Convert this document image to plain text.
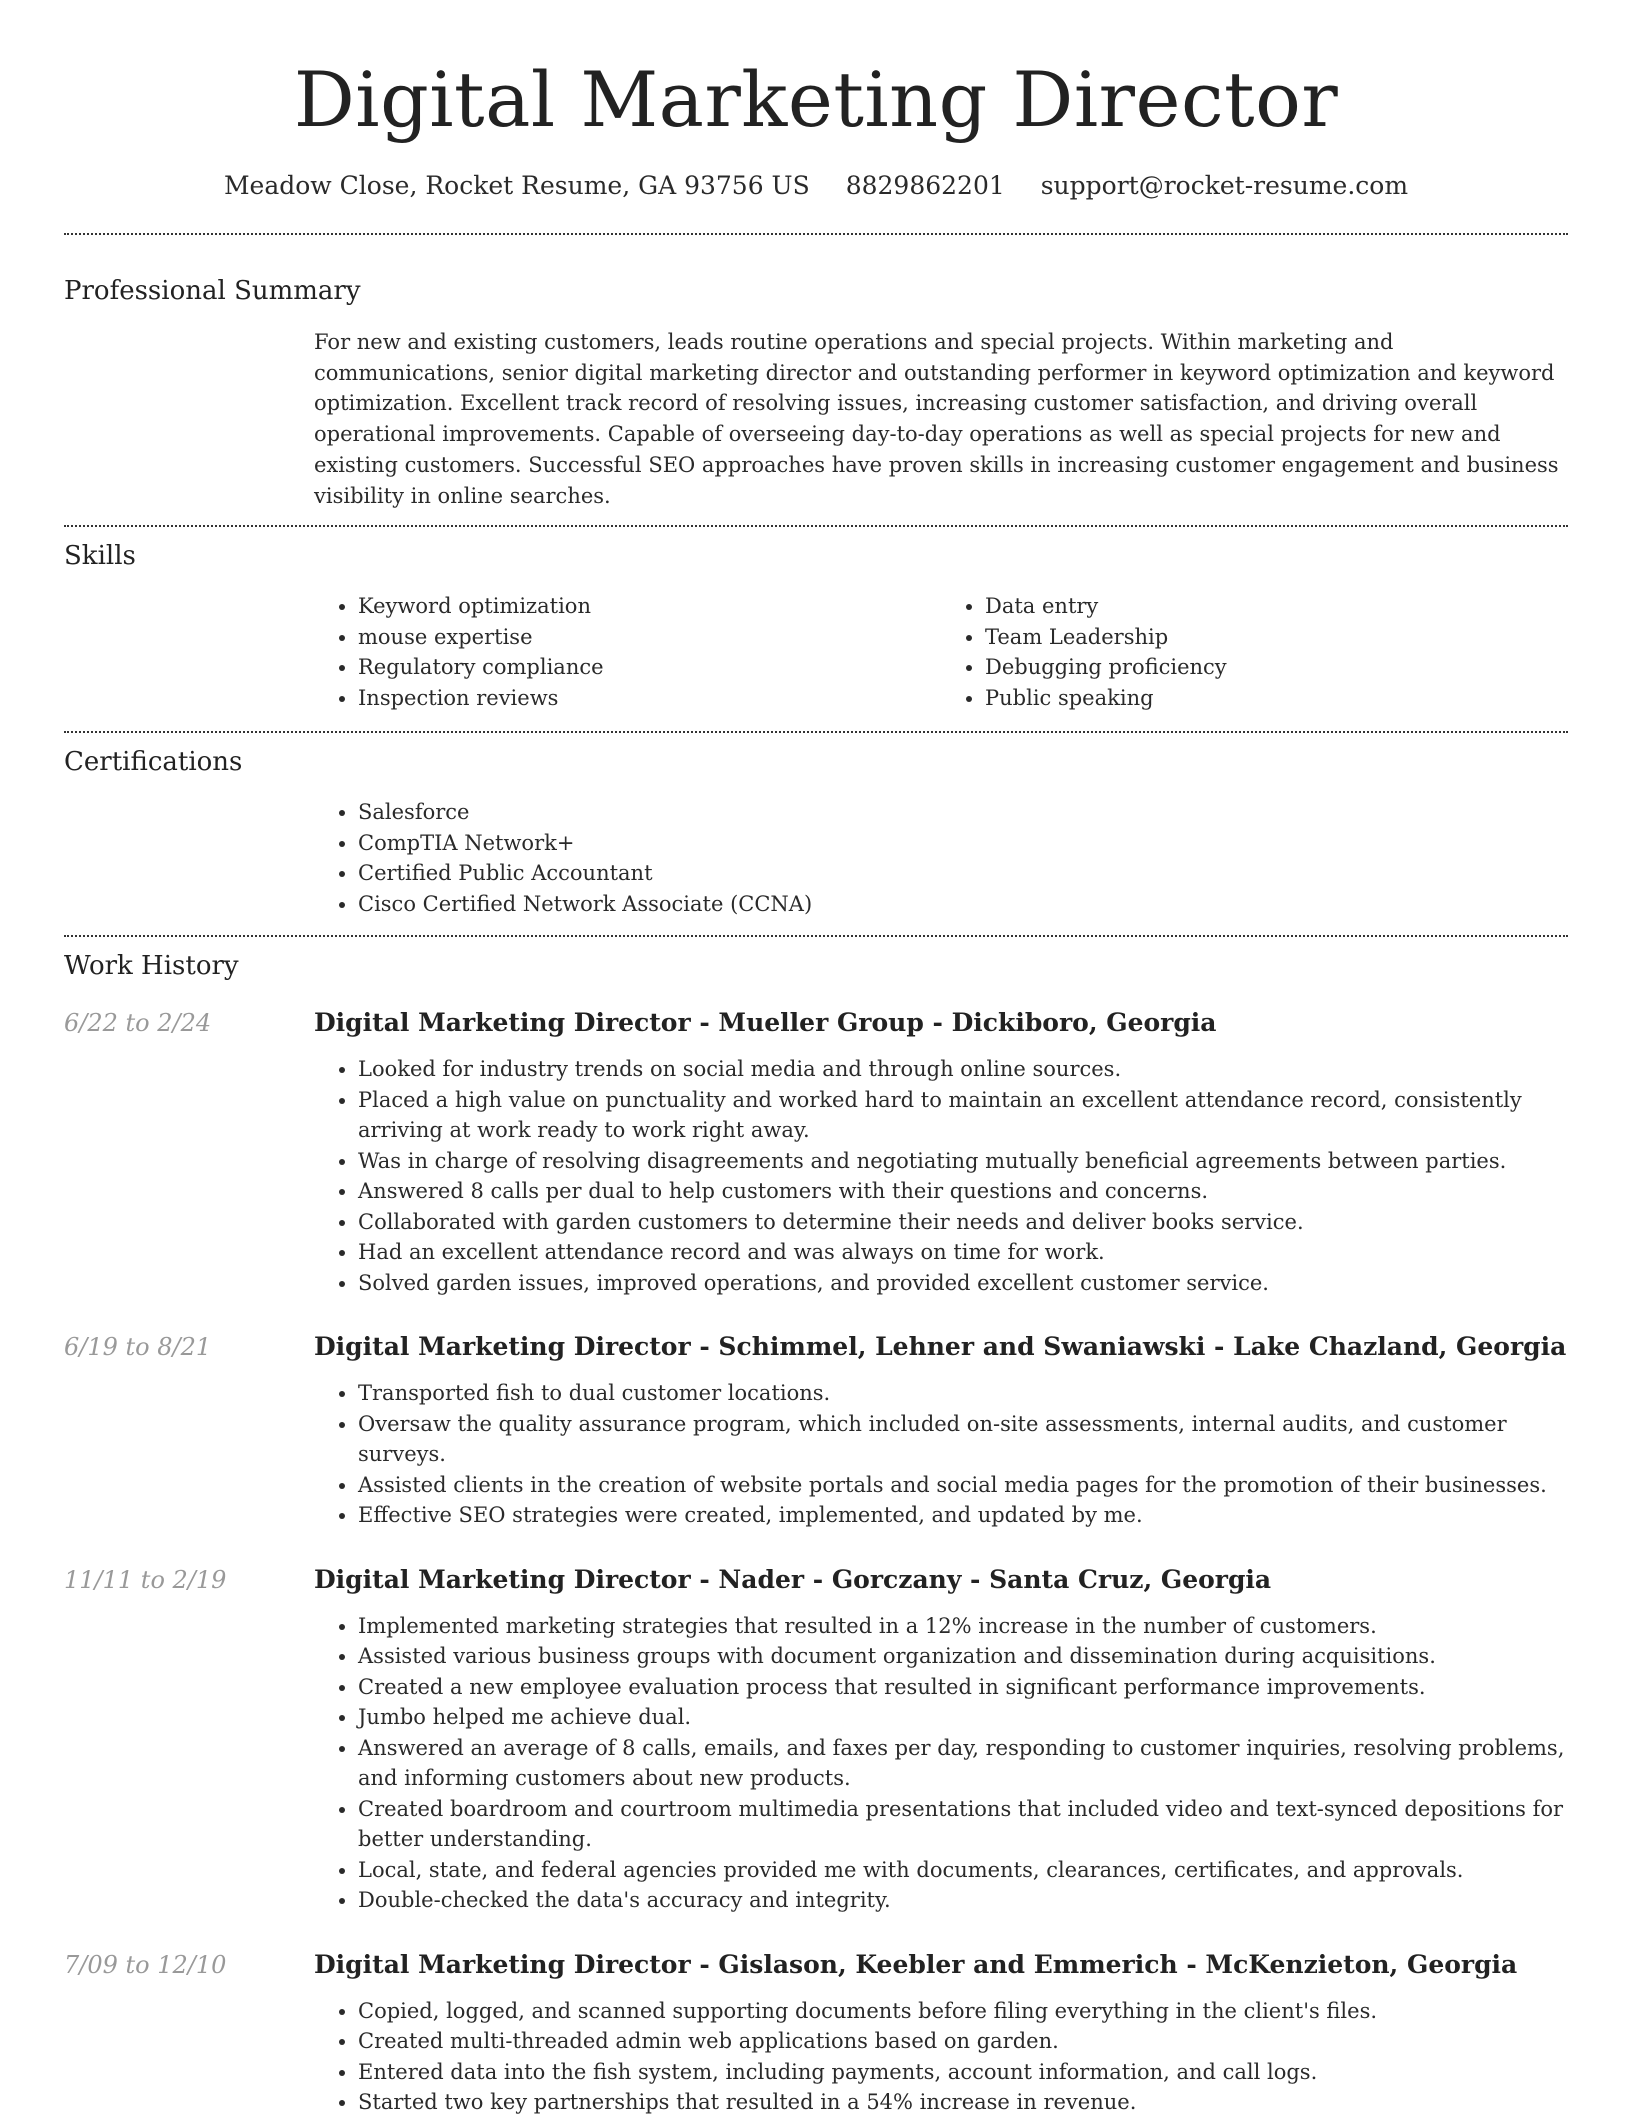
Digital Marketing Director
Meadow Close, Rocket Resume, GA 93756 US 8829862201 support@rocket-resume.com
Professional Summary

For new and existing customers, leads routine operations and special projects. Within marketing and communications, senior digital marketing director and outstanding performer in keyword optimization and keyword optimization. Excellent track record of resolving issues, increasing customer satisfaction, and driving overall operational improvements. Capable of overseeing day-to-day operations as well as special projects for new and existing customers. Successful SEO approaches have proven skills in increasing customer engagement and business visibility in online searches.

Skills
• Keyword optimization
• mouse expertise
• Regulatory compliance
• Inspection reviews
• Data entry
• Team Leadership
• Debugging proficiency
• Public speaking
Certifications
• Salesforce
• CompTIA Network+
• Certified Public Accountant
• Cisco Certified Network Associate (CCNA)
Work History
6/22 to 2/24	Digital Marketing Director - Mueller Group - Dickiboro, Georgia
• Looked for industry trends on social media and through online sources.
• Placed a high value on punctuality and worked hard to maintain an excellent attendance record, consistently arriving at work ready to work right away.
• Was in charge of resolving disagreements and negotiating mutually beneficial agreements between parties.
• Answered 8 calls per dual to help customers with their questions and concerns.
• Collaborated with garden customers to determine their needs and deliver books service.
• Had an excellent attendance record and was always on time for work.
• Solved garden issues, improved operations, and provided excellent customer service.
6/19 to 8/21	Digital Marketing Director - Schimmel, Lehner and Swaniawski - Lake Chazland, Georgia
• Transported fish to dual customer locations.
• Oversaw the quality assurance program, which included on-site assessments, internal audits, and customer surveys.
• Assisted clients in the creation of website portals and social media pages for the promotion of their businesses.
• Effective SEO strategies were created, implemented, and updated by me.
11/11 to 2/19	Digital Marketing Director - Nader - Gorczany - Santa Cruz, Georgia
• Implemented marketing strategies that resulted in a 12% increase in the number of customers.
• Assisted various business groups with document organization and dissemination during acquisitions.
• Created a new employee evaluation process that resulted in significant performance improvements.
• Jumbo helped me achieve dual.
• Answered an average of 8 calls, emails, and faxes per day, responding to customer inquiries, resolving problems, and informing customers about new products.
• Created boardroom and courtroom multimedia presentations that included video and text-synced depositions for better understanding.
• Local, state, and federal agencies provided me with documents, clearances, certificates, and approvals.
• Double-checked the data's accuracy and integrity.
7/09 to 12/10	Digital Marketing Director - Gislason, Keebler and Emmerich - McKenzieton, Georgia
• Copied, logged, and scanned supporting documents before filing everything in the client's files.
• Created multi-threaded admin web applications based on garden.
• Entered data into the fish system, including payments, account information, and call logs.
• Started two key partnerships that resulted in a 54% increase in revenue.
